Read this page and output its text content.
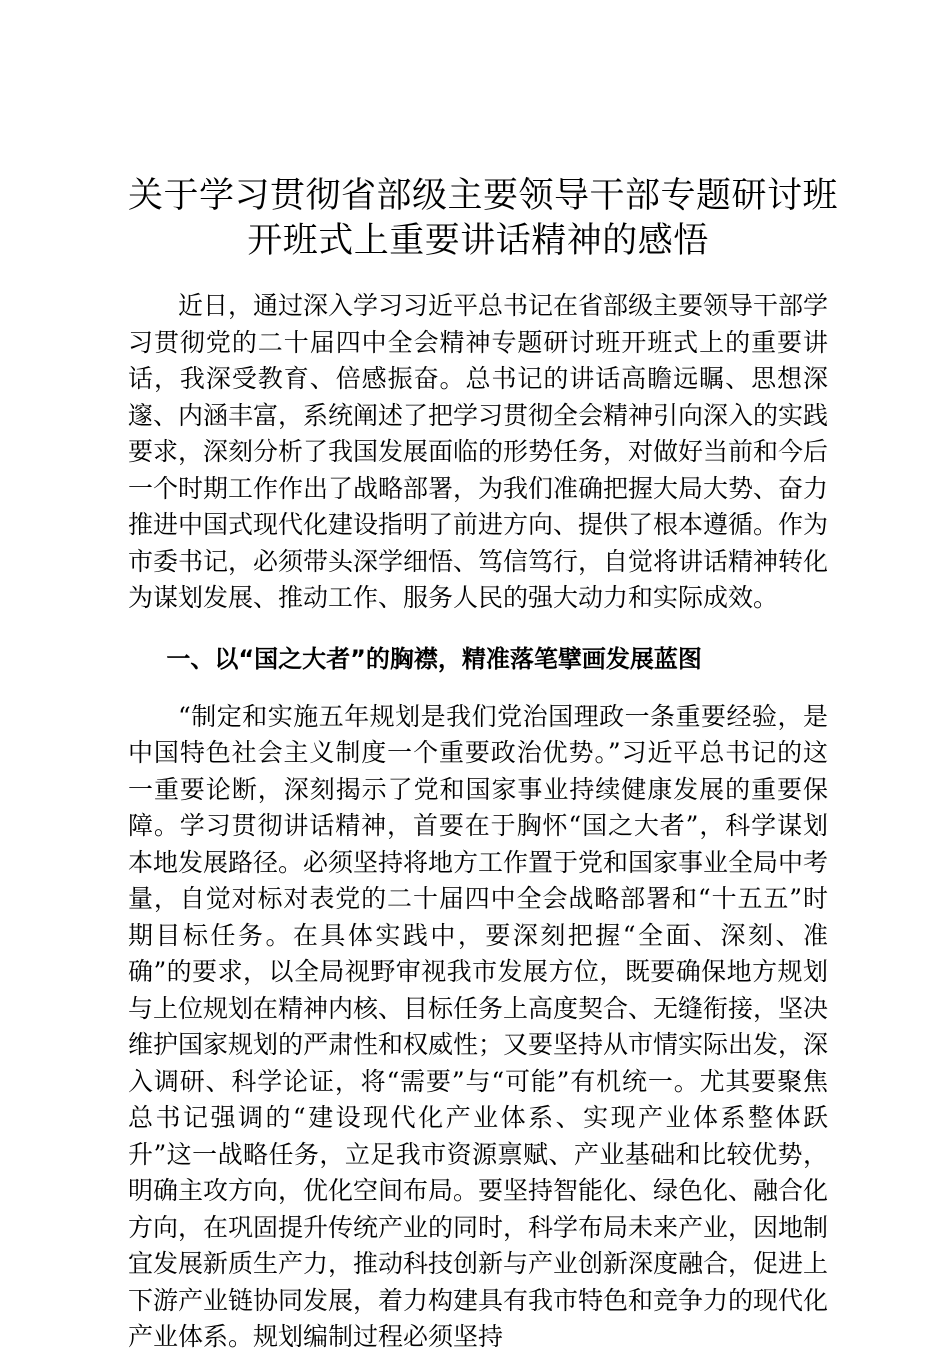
关于学习贯彻省部级主要领导干部专题研讨班
开班式上重要讲话精神的感悟

近日，通过深入学习习近平总书记在省部级主要领导干部学习贯彻党的二十届四中全会精神专题研讨班开班式上的重要讲话，我深受教育、倍感振奋。总书记的讲话高瞻远瞩、思想深邃、内涵丰富，系统阐述了把学习贯彻全会精神引向深入的实践要求，深刻分析了我国发展面临的形势任务，对做好当前和今后一个时期工作作出了战略部署，为我们准确把握大局大势、奋力推进中国式现代化建设指明了前进方向、提供了根本遵循。作为市委书记，必须带头深学细悟、笃信笃行，自觉将讲话精神转化为谋划发展、推动工作、服务人民的强大动力和实际成效。

一、以“国之大者”的胸襟，精准落笔擘画发展蓝图

“制定和实施五年规划是我们党治国理政一条重要经验，是中国特色社会主义制度一个重要政治优势。”习近平总书记的这一重要论断，深刻揭示了党和国家事业持续健康发展的重要保障。学习贯彻讲话精神，首要在于胸怀“国之大者”，科学谋划本地发展路径。必须坚持将地方工作置于党和国家事业全局中考量，自觉对标对表党的二十届四中全会战略部署和“十五五”时期目标任务。在具体实践中，要深刻把握“全面、深刻、准确”的要求，以全局视野审视我市发展方位，既要确保地方规划与上位规划在精神内核、目标任务上高度契合、无缝衔接，坚决维护国家规划的严肃性和权威性；又要坚持从市情实际出发，深入调研、科学论证，将“需要”与“可能”有机统一。尤其要聚焦总书记强调的“建设现代化产业体系、实现产业体系整体跃升”这一战略任务，立足我市资源禀赋、产业基础和比较优势，明确主攻方向，优化空间布局。要坚持智能化、绿色化、融合化方向，在巩固提升传统产业的同时，科学布局未来产业，因地制宜发展新质生产力，推动科技创新与产业创新深度融合，促进上下游产业链协同发展，着力构建具有我市特色和竞争力的现代化产业体系。规划编制过程必须坚持
